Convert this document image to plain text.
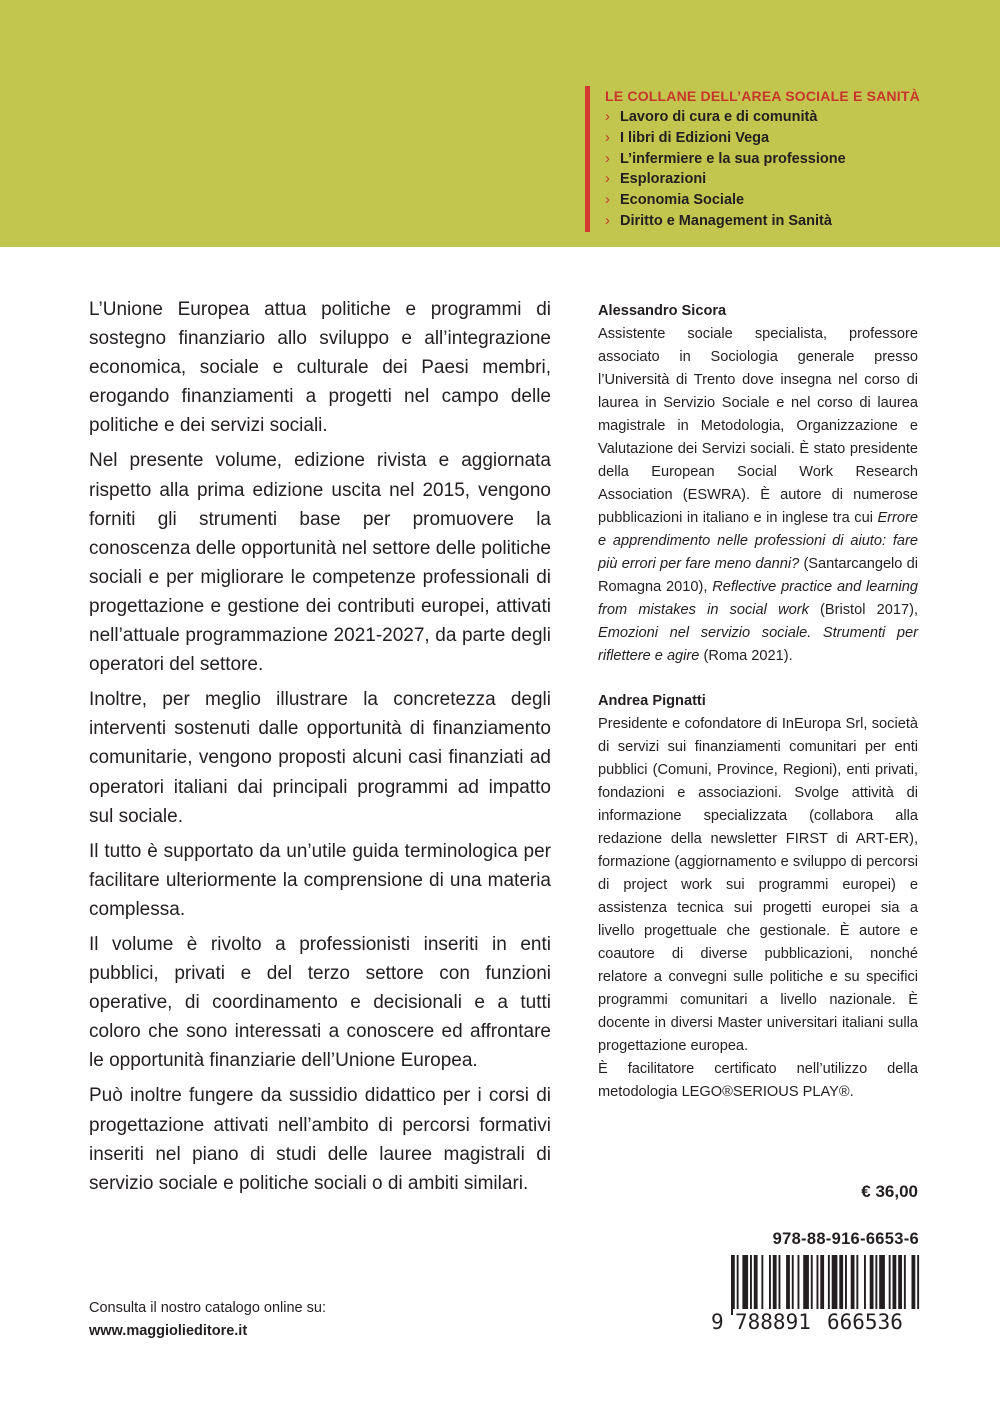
LE COLLANE DELL’AREA SOCIALE E SANITÀ
› Lavoro di cura e di comunità
› I libri di Edizioni Vega
› L’infermiere e la sua professione
› Esplorazioni
› Economia Sociale
› Diritto e Management in Sanità

L’Unione Europea attua politiche e programmi di sostegno finanziario allo sviluppo e all’integrazione economica, sociale e culturale dei Paesi membri, erogando finanziamenti a progetti nel campo delle politiche e dei servizi sociali.

Nel presente volume, edizione rivista e aggiornata rispetto alla prima edizione uscita nel 2015, vengono forniti gli strumenti base per promuovere la conoscenza delle opportunità nel settore delle politiche sociali e per migliorare le competenze professionali di progettazione e gestione dei contributi europei, attivati nell’attuale programmazione 2021-2027, da parte degli operatori del settore.

Inoltre, per meglio illustrare la concretezza degli interventi sostenuti dalle opportunità di finanziamento comunitarie, vengono proposti alcuni casi finanziati ad operatori italiani dai principali programmi ad impatto sul sociale.

Il tutto è supportato da un’utile guida terminologica per facilitare ulteriormente la comprensione di una materia complessa.

Il volume è rivolto a professionisti inseriti in enti pubblici, privati e del terzo settore con funzioni operative, di coordinamento e decisionali e a tutti coloro che sono interessati a conoscere ed affrontare le opportunità finanziarie dell’Unione Europea.

Può inoltre fungere da sussidio didattico per i corsi di progettazione attivati nell’ambito di percorsi formativi inseriti nel piano di studi delle lauree magistrali di servizio sociale e politiche sociali o di ambiti similari.

Alessandro Sicora

Assistente sociale specialista, professore associato in Sociologia generale presso l’Università di Trento dove insegna nel corso di laurea in Servizio Sociale e nel corso di laurea magistrale in Metodologia, Organizzazione e Valutazione dei Servizi sociali. È stato presidente della European Social Work Research Association (ESWRA). È autore di numerose pubblicazioni in italiano e in inglese tra cui Errore e apprendimento nelle professioni di aiuto: fare più errori per fare meno danni? (Santarcangelo di Romagna 2010), Reflective practice and learning from mistakes in social work (Bristol 2017), Emozioni nel servizio sociale. Strumenti per riflettere e agire (Roma 2021).

Andrea Pignatti

Presidente e cofondatore di InEuropa Srl, società di servizi sui finanziamenti comunitari per enti pubblici (Comuni, Province, Regioni), enti privati, fondazioni e associazioni. Svolge attività di informazione specializzata (collabora alla redazione della newsletter FIRST di ART-ER), formazione (aggiornamento e sviluppo di percorsi di project work sui programmi europei) e assistenza tecnica sui progetti europei sia a livello progettuale che gestionale. È autore e coautore di diverse pubblicazioni, nonché relatore a convegni sulle politiche e su specifici programmi comunitari a livello nazionale. È docente in diversi Master universitari italiani sulla progettazione europea.

È facilitatore certificato nell’utilizzo della metodologia LEGO®SERIOUS PLAY®.

Consulta il nostro catalogo online su:
www.maggiolieditore.it
€ 36,00
978-88-916-6653-6
9 788891 666536
